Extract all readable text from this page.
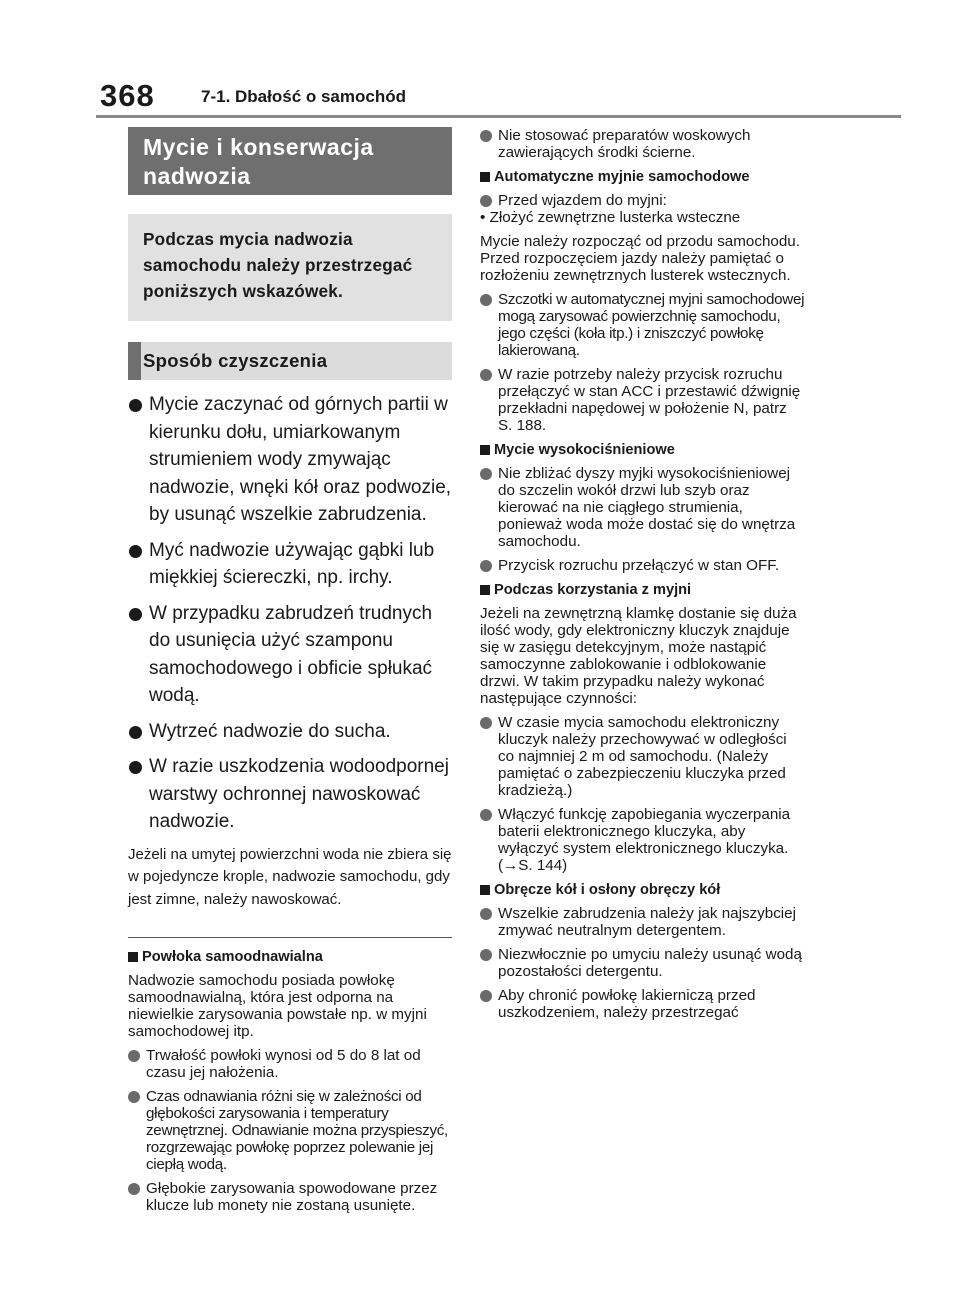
368	7-1. Dbałość o samochód
Mycie i konserwacja nadwozia
Podczas mycia nadwozia samochodu należy przestrzegać poniższych wskazówek.
Sposób czyszczenia
Mycie zaczynać od górnych partii w kierunku dołu, umiarkowanym strumieniem wody zmywając nadwozie, wnęki kół oraz podwozie, by usunąć wszelkie zabrudzenia.
Myć nadwozie używając gąbki lub miękkiej ściereczki, np. irchy.
W przypadku zabrudzeń trudnych do usunięcia użyć szamponu samochodowego i obficie spłukać wodą.
Wytrzeć nadwozie do sucha.
W razie uszkodzenia wodoodpornej warstwy ochronnej nawoskować nadwozie.
Jeżeli na umytej powierzchni woda nie zbiera się w pojedyncze krople, nadwozie samochodu, gdy jest zimne, należy nawoskować.
Powłoka samoodnawialna
Nadwozie samochodu posiada powłokę samoodnawialną, która jest odporna na niewielkie zarysowania powstałe np. w myjni samochodowej itp.
Trwałość powłoki wynosi od 5 do 8 lat od czasu jej nałożenia.
Czas odnawiania różni się w zależności od głębokości zarysowania i temperatury zewnętrznej. Odnawianie można przyspieszyć, rozgrzewając powłokę poprzez polewanie jej ciepłą wodą.
Głębokie zarysowania spowodowane przez klucze lub monety nie zostaną usunięte.
Nie stosować preparatów woskowych zawierających środki ścierne.
Automatyczne myjnie samochodowe
Przed wjazdem do myjni:
• Złożyć zewnętrzne lusterka wsteczne
Mycie należy rozpocząć od przodu samochodu. Przed rozpoczęciem jazdy należy pamiętać o rozłożeniu zewnętrznych lusterek wstecznych.
Szczotki w automatycznej myjni samochodowej mogą zarysować powierzchnię samochodu, jego części (koła itp.) i zniszczyć powłokę lakierowaną.
W razie potrzeby należy przycisk rozruchu przełączyć w stan ACC i przestawić dźwignię przekładni napędowej w położenie N, patrz S. 188.
Mycie wysokociśnieniowe
Nie zbliżać dyszy myjki wysokociśnieniowej do szczelin wokół drzwi lub szyb oraz kierować na nie ciągłego strumienia, ponieważ woda może dostać się do wnętrza samochodu.
Przycisk rozruchu przełączyć w stan OFF.
Podczas korzystania z myjni
Jeżeli na zewnętrzną klamkę dostanie się duża ilość wody, gdy elektroniczny kluczyk znajduje się w zasięgu detekcyjnym, może nastąpić samoczynne zablokowanie i odblokowanie drzwi. W takim przypadku należy wykonać następujące czynności:
W czasie mycia samochodu elektroniczny kluczyk należy przechowywać w odległości co najmniej 2 m od samochodu. (Należy pamiętać o zabezpieczeniu kluczyka przed kradzieżą.)
Włączyć funkcję zapobiegania wyczerpania baterii elektronicznego kluczyka, aby wyłączyć system elektronicznego kluczyka. (→S. 144)
Obręcze kół i osłony obręczy kół
Wszelkie zabrudzenia należy jak najszybciej zmywać neutralnym detergentem.
Niezwłocznie po umyciu należy usunąć wodą pozostałości detergentu.
Aby chronić powłokę lakierniczą przed uszkodzeniem, należy przestrzegać
